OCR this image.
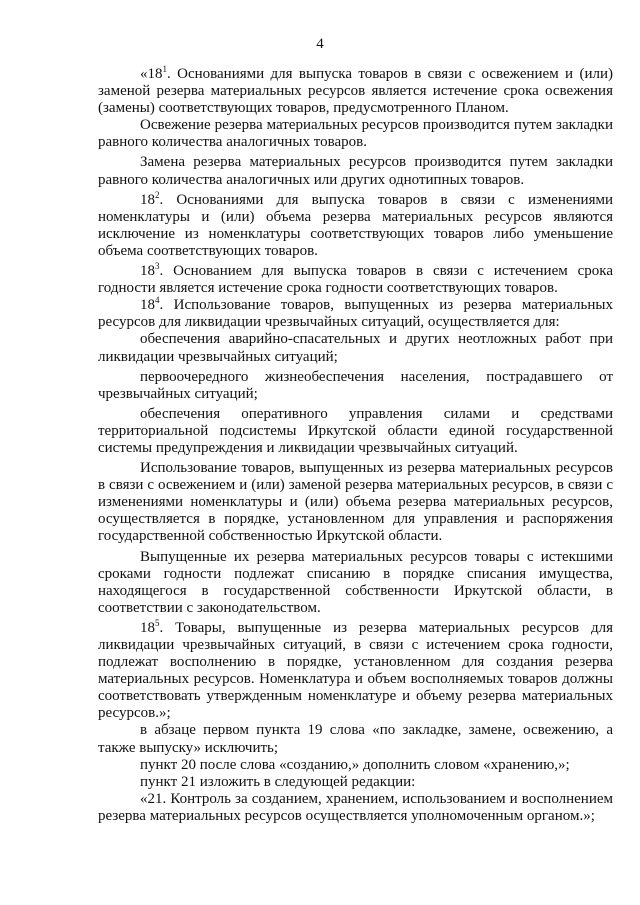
4

«$18^1$. Основаниями для выпуска товаров в связи с освежением и (или) заменой резерва материальных ресурсов является истечение срока освежения (замены) соответствующих товаров, предусмотренного Планом.

Освежение резерва материальных ресурсов производится путем закладки равного количества аналогичных товаров.

Замена резерва материальных ресурсов производится путем закладки равного количества аналогичных или других однотипных товаров.

$18^2$. Основаниями для выпуска товаров в связи с изменениями номенклатуры и (или) объема резерва материальных ресурсов являются исключение из номенклатуры соответствующих товаров либо уменьшение объема соответствующих товаров.

$18^3$. Основанием для выпуска товаров в связи с истечением срока годности является истечение срока годности соответствующих товаров.

$18^4$. Использование товаров, выпущенных из резерва материальных ресурсов для ликвидации чрезвычайных ситуаций, осуществляется для:

обеспечения аварийно-спасательных и других неотложных работ при ликвидации чрезвычайных ситуаций;

первоочередного жизнеобеспечения населения, пострадавшего от чрезвычайных ситуаций;

обеспечения оперативного управления силами и средствами территориальной подсистемы Иркутской области единой государственной системы предупреждения и ликвидации чрезвычайных ситуаций.

Использование товаров, выпущенных из резерва материальных ресурсов в связи с освежением и (или) заменой резерва материальных ресурсов, в связи с изменениями номенклатуры и (или) объема резерва материальных ресурсов, осуществляется в порядке, установленном для управления и распоряжения государственной собственностью Иркутской области.

Выпущенные их резерва материальных ресурсов товары с истекшими сроками годности подлежат списанию в порядке списания имущества, находящегося в государственной собственности Иркутской области, в соответствии с законодательством.

$18^5$. Товары, выпущенные из резерва материальных ресурсов для ликвидации чрезвычайных ситуаций, в связи с истечением срока годности, подлежат восполнению в порядке, установленном для создания резерва материальных ресурсов. Номенклатура и объем восполняемых товаров должны соответствовать утвержденным номенклатуре и объему резерва материальных ресурсов.»;

в абзаце первом пункта 19 слова «по закладке, замене, освежению, а также выпуску» исключить;

пункт 20 после слова «созданию,» дополнить словом «хранению,»;

пункт 21 изложить в следующей редакции:

«21. Контроль за созданием, хранением, использованием и восполнением резерва материальных ресурсов осуществляется уполномоченным органом.»;
